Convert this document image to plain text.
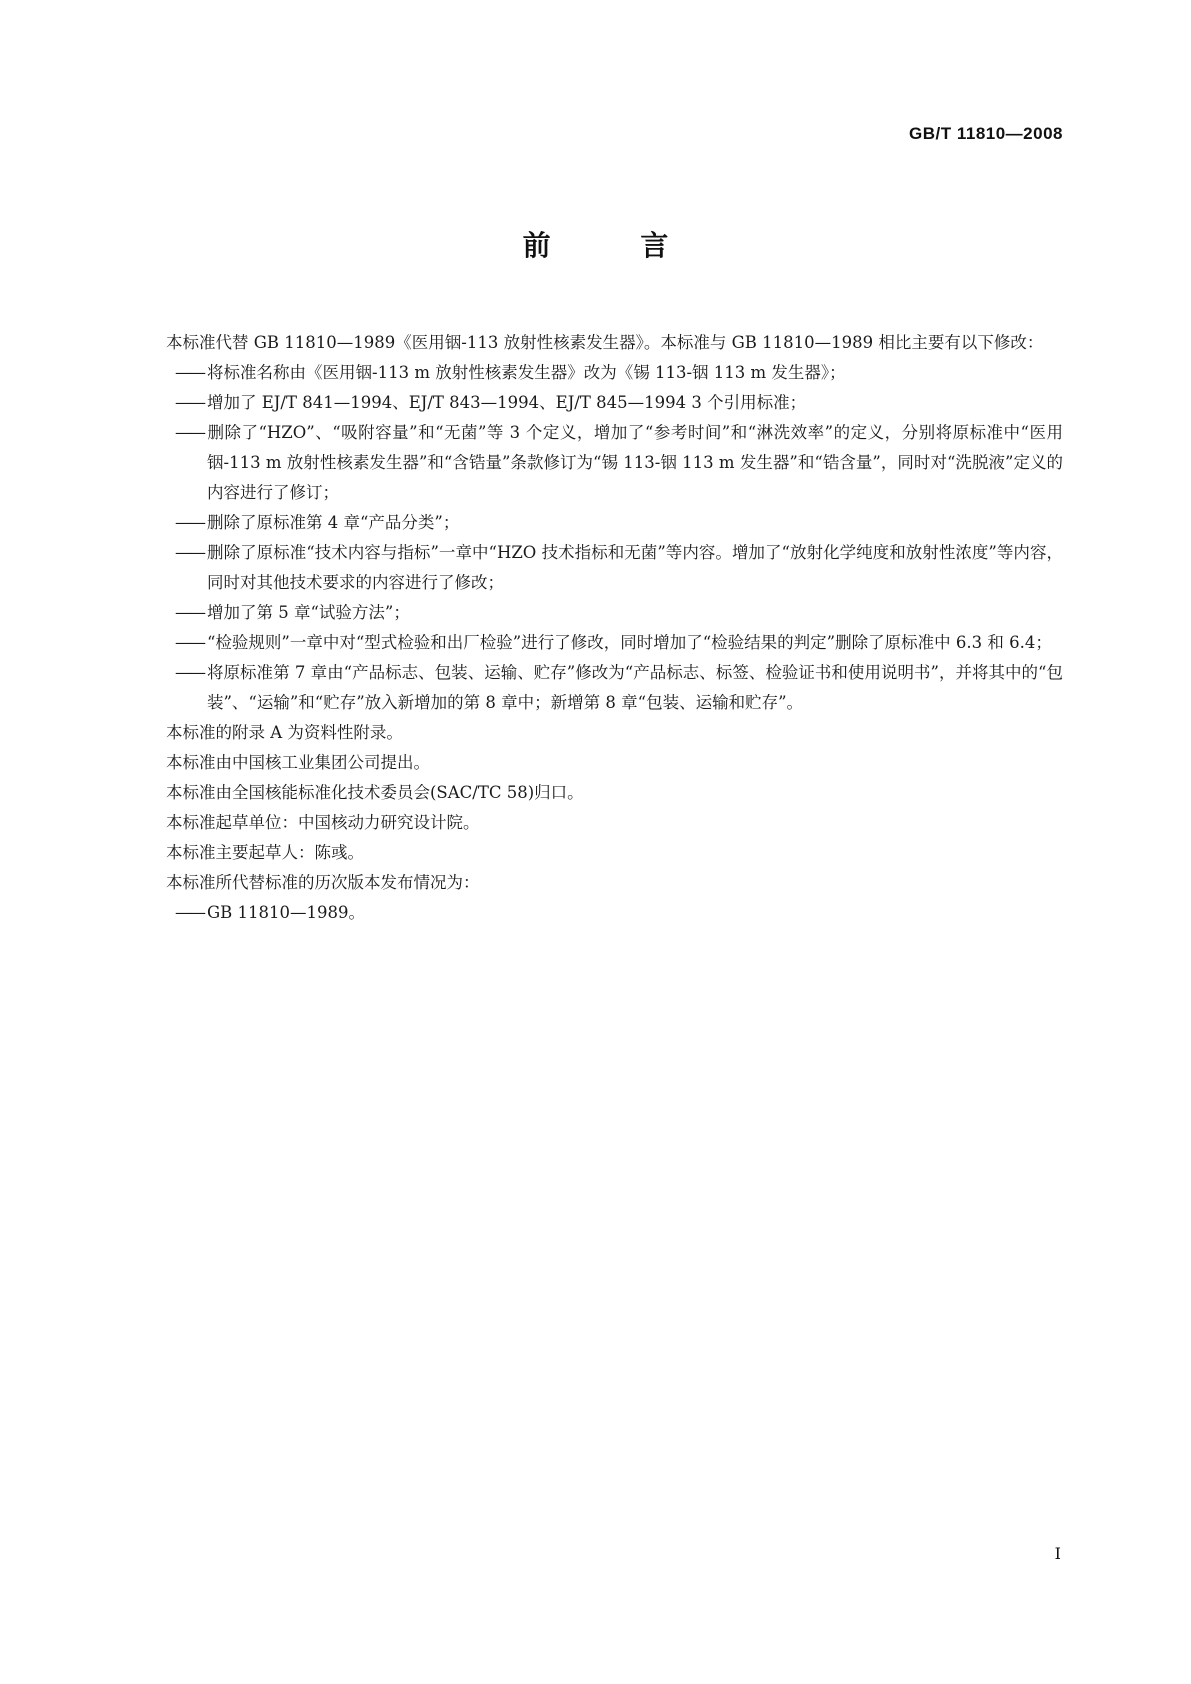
GB/T 11810—2008
前 言

本标准代替 GB 11810—1989《医用铟-113 放射性核素发生器》。本标准与 GB 11810—1989 相比主要有以下修改：

—— 将标准名称由《医用铟-113 m 放射性核素发生器》改为《锡 113-铟 113 m 发生器》；

—— 增加了 EJ/T 841—1994、EJ/T 843—1994、EJ/T 845—1994 3 个引用标准；

—— 删除了“HZO”、“吸附容量”和“无菌”等 3 个定义，增加了“参考时间”和“淋洗效率”的定义，分别将原标准中“医用铟-113 m 放射性核素发生器”和“含锆量”条款修订为“锡 113-铟 113 m 发生器”和“锆含量”，同时对“洗脱液”定义的内容进行了修订；

—— 删除了原标准第 4 章“产品分类”；

—— 删除了原标准“技术内容与指标”一章中“HZO 技术指标和无菌”等内容。增加了“放射化学纯度和放射性浓度”等内容，同时对其他技术要求的内容进行了修改；

—— 增加了第 5 章“试验方法”；

—— “检验规则”一章中对“型式检验和出厂检验”进行了修改，同时增加了“检验结果的判定”删除了原标准中 6.3 和 6.4；

—— 将原标准第 7 章由“产品标志、包装、运输、贮存”修改为“产品标志、标签、检验证书和使用说明书”，并将其中的“包装”、“运输”和“贮存”放入新增加的第 8 章中；新增第 8 章“包装、运输和贮存”。

本标准的附录 A 为资料性附录。

本标准由中国核工业集团公司提出。

本标准由全国核能标准化技术委员会(SAC/TC 58)归口。

本标准起草单位：中国核动力研究设计院。

本标准主要起草人：陈彧。

本标准所代替标准的历次版本发布情况为：

—— GB 11810—1989。

I
